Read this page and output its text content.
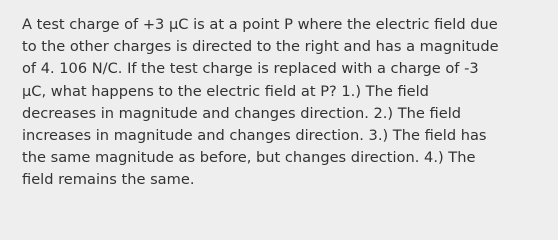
A test charge of +3 μC is at a point P where the electric field due
to the other charges is directed to the right and has a magnitude
of 4. 106 N/C. If the test charge is replaced with a charge of -3
μC, what happens to the electric field at P? 1.) The field
decreases in magnitude and changes direction. 2.) The field
increases in magnitude and changes direction. 3.) The field has
the same magnitude as before, but changes direction. 4.) The
field remains the same.
